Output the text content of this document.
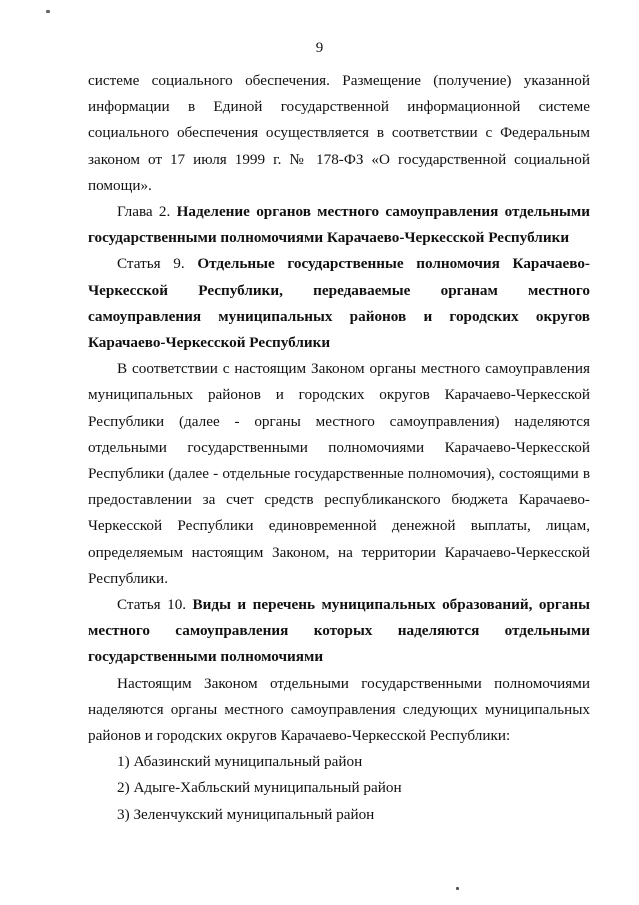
9

системе социального обеспечения. Размещение (получение) указанной информации в Единой государственной информационной системе социального обеспечения осуществляется в соответствии с Федеральным законом от 17 июля 1999 г. № 178-ФЗ «О государственной социальной помощи».

Глава 2. Наделение органов местного самоуправления отдельными государственными полномочиями Карачаево-Черкесской Республики

Статья 9. Отдельные государственные полномочия Карачаево-Черкесской Республики, передаваемые органам местного самоуправления муниципальных районов и городских округов Карачаево-Черкесской Республики

В соответствии с настоящим Законом органы местного самоуправления муниципальных районов и городских округов Карачаево-Черкесской Республики (далее - органы местного самоуправления) наделяются отдельными государственными полномочиями Карачаево-Черкесской Республики (далее - отдельные государственные полномочия), состоящими в предоставлении за счет средств республиканского бюджета Карачаево-Черкесской Республики единовременной денежной выплаты, лицам, определяемым настоящим Законом, на территории Карачаево-Черкесской Республики.

Статья 10. Виды и перечень муниципальных образований, органы местного самоуправления которых наделяются отдельными государственными полномочиями

Настоящим Законом отдельными государственными полномочиями наделяются органы местного самоуправления следующих муниципальных районов и городских округов Карачаево-Черкесской Республики:

1) Абазинский муниципальный район
2) Адыге-Хабльский муниципальный район
3) Зеленчукский муниципальный район
